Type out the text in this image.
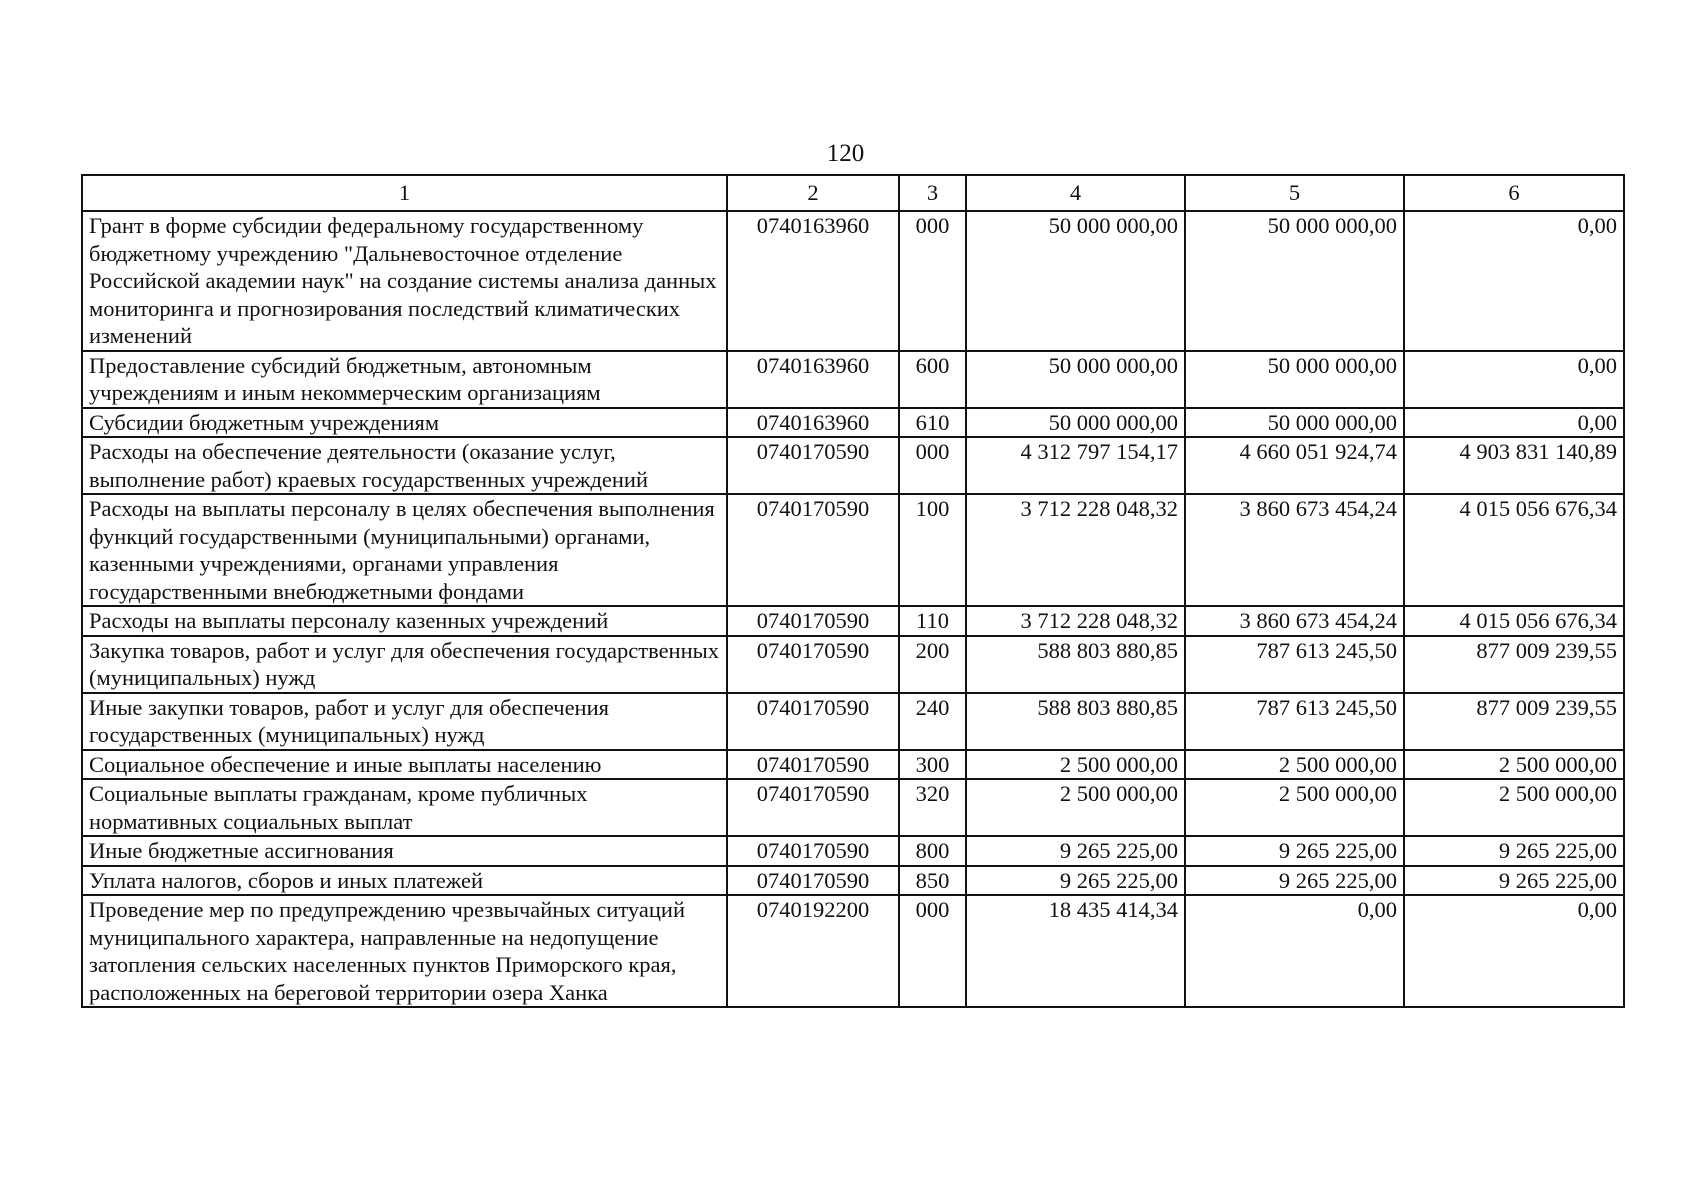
120
1	2	3	4	5	6
Грант в форме субсидии федеральному государственному бюджетному учреждению "Дальневосточное отделение Российской академии наук" на создание системы анализа данных мониторинга и прогнозирования последствий климатических изменений	0740163960	000	50 000 000,00	50 000 000,00	0,00
Предоставление субсидий бюджетным, автономным учреждениям и иным некоммерческим организациям	0740163960	600	50 000 000,00	50 000 000,00	0,00
Субсидии бюджетным учреждениям	0740163960	610	50 000 000,00	50 000 000,00	0,00
Расходы на обеспечение деятельности (оказание услуг, выполнение работ) краевых государственных учреждений	0740170590	000	4 312 797 154,17	4 660 051 924,74	4 903 831 140,89
Расходы на выплаты персоналу в целях обеспечения выполнения функций государственными (муниципальными) органами, казенными учреждениями, органами управления государственными внебюджетными фондами	0740170590	100	3 712 228 048,32	3 860 673 454,24	4 015 056 676,34
Расходы на выплаты персоналу казенных учреждений	0740170590	110	3 712 228 048,32	3 860 673 454,24	4 015 056 676,34
Закупка товаров, работ и услуг для обеспечения государственных (муниципальных) нужд	0740170590	200	588 803 880,85	787 613 245,50	877 009 239,55
Иные закупки товаров, работ и услуг для обеспечения государственных (муниципальных) нужд	0740170590	240	588 803 880,85	787 613 245,50	877 009 239,55
Социальное обеспечение и иные выплаты населению	0740170590	300	2 500 000,00	2 500 000,00	2 500 000,00
Социальные выплаты гражданам, кроме публичных нормативных социальных выплат	0740170590	320	2 500 000,00	2 500 000,00	2 500 000,00
Иные бюджетные ассигнования	0740170590	800	9 265 225,00	9 265 225,00	9 265 225,00
Уплата налогов, сборов и иных платежей	0740170590	850	9 265 225,00	9 265 225,00	9 265 225,00
Проведение мер по предупреждению чрезвычайных ситуаций муниципального характера, направленные на недопущение затопления сельских населенных пунктов Приморского края, расположенных на береговой территории озера Ханка	0740192200	000	18 435 414,34	0,00	0,00
